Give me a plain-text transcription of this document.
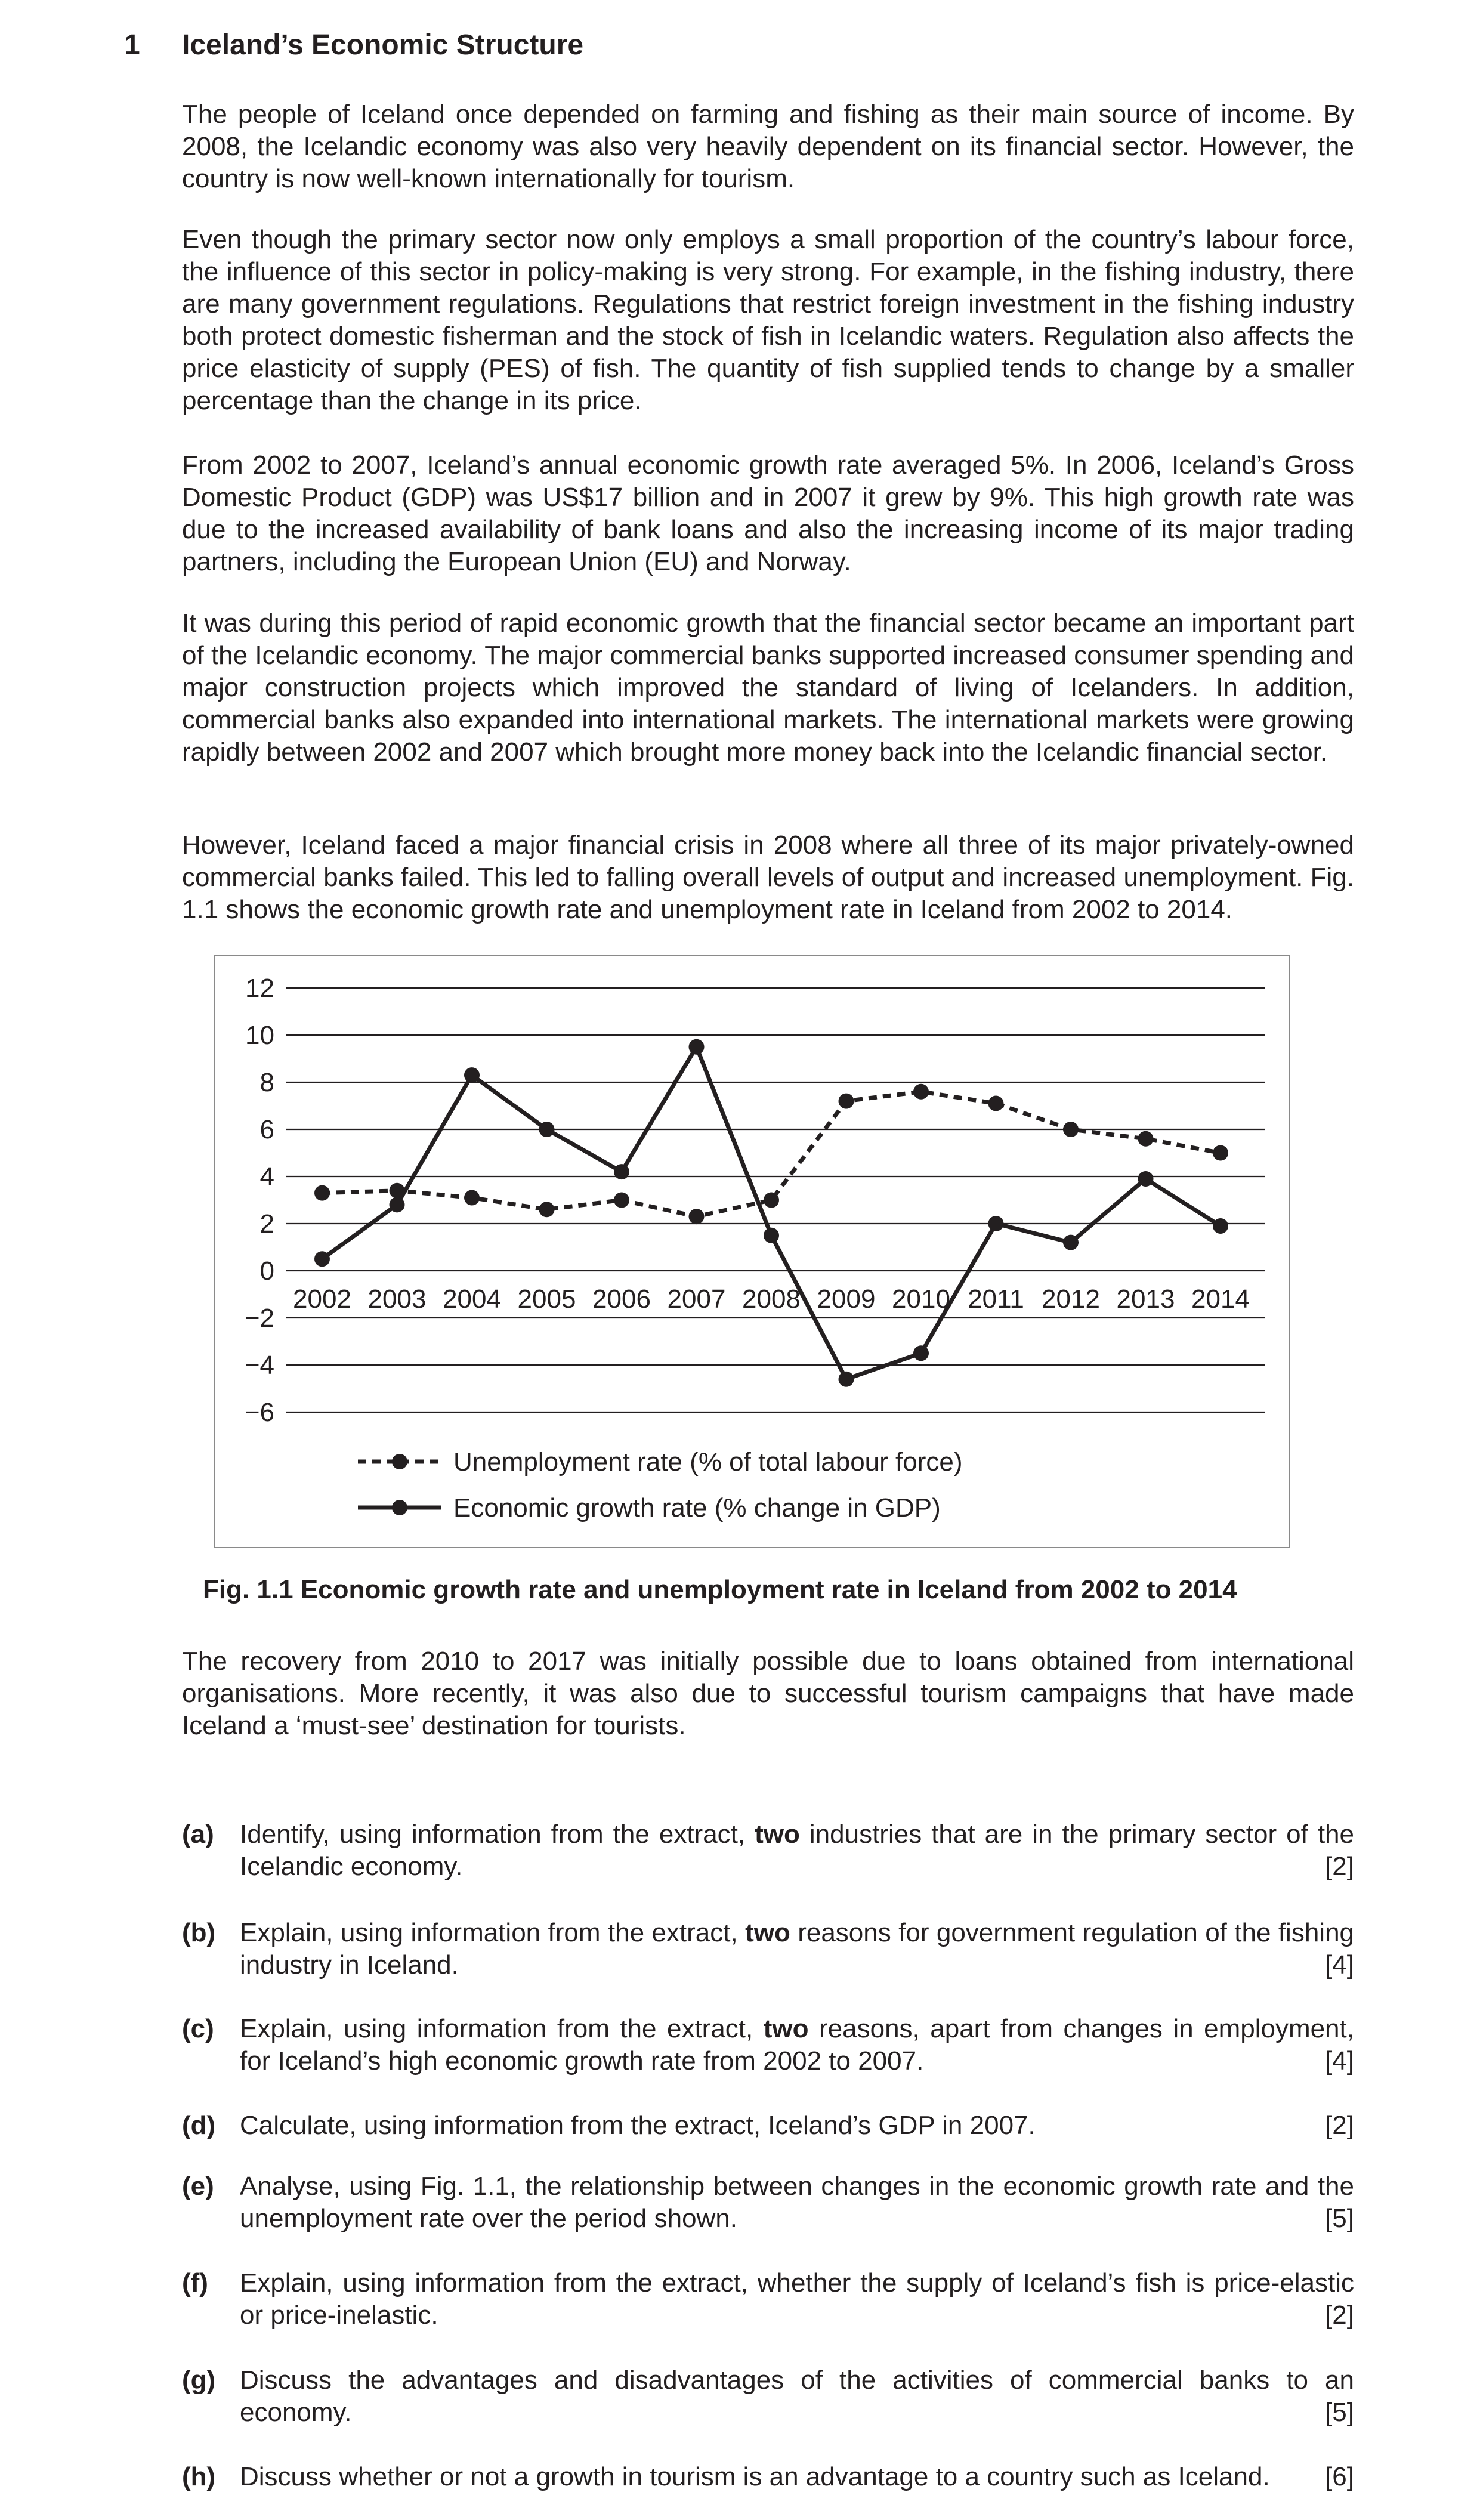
1 Iceland’s Economic Structure

The people of Iceland once depended on farming and fishing as their main source of income. By 2008, the Icelandic economy was also very heavily dependent on its financial sector. However, the country is now well-known internationally for tourism.

Even though the primary sector now only employs a small proportion of the country’s labour force, the influence of this sector in policy-making is very strong. For example, in the fishing industry, there are many government regulations. Regulations that restrict foreign investment in the fishing industry both protect domestic fisherman and the stock of fish in Icelandic waters. Regulation also affects the price elasticity of supply (PES) of fish. The quantity of fish supplied tends to change by a smaller percentage than the change in its price.

From 2002 to 2007, Iceland’s annual economic growth rate averaged 5%. In 2006, Iceland’s Gross Domestic Product (GDP) was US$17 billion and in 2007 it grew by 9%. This high growth rate was due to the increased availability of bank loans and also the increasing income of its major trading partners, including the European Union (EU) and Norway.

It was during this period of rapid economic growth that the financial sector became an important part of the Icelandic economy. The major commercial banks supported increased consumer spending and major construction projects which improved the standard of living of Icelanders. In addition, commercial banks also expanded into international markets. The international markets were growing rapidly between 2002 and 2007 which brought more money back into the Icelandic financial sector.

However, Iceland faced a major financial crisis in 2008 where all three of its major privately-owned commercial banks failed. This led to falling overall levels of output and increased unemployment. Fig. 1.1 shows the economic growth rate and unemployment rate in Iceland from 2002 to 2014.

12
10
8
6
4
2
0
−2
−4
−6
2002 2003 2004 2005 2006 2007 2008 2009 2010 2011 2012 2013 2014
Unemployment rate (% of total labour force)
Economic growth rate (% change in GDP)
Fig. 1.1 Economic growth rate and unemployment rate in Iceland from 2002 to 2014

The recovery from 2010 to 2017 was initially possible due to loans obtained from international organisations. More recently, it was also due to successful tourism campaigns that have made Iceland a ‘must-see’ destination for tourists.

(a) Identify, using information from the extract, two industries that are in the primary sector of the Icelandic economy.	[2]
(b) Explain, using information from the extract, two reasons for government regulation of the fishing industry in Iceland.	[4]
(c) Explain, using information from the extract, two reasons, apart from changes in employment, for Iceland’s high economic growth rate from 2002 to 2007.	[4]
(d) Calculate, using information from the extract, Iceland’s GDP in 2007.	[2]
(e) Analyse, using Fig. 1.1, the relationship between changes in the economic growth rate and the unemployment rate over the period shown.	[5]
(f) Explain, using information from the extract, whether the supply of Iceland’s fish is price-elastic or price-inelastic.	[2]
(g) Discuss the advantages and disadvantages of the activities of commercial banks to an economy.	[5]
(h) Discuss whether or not a growth in tourism is an advantage to a country such as Iceland.	[6]
